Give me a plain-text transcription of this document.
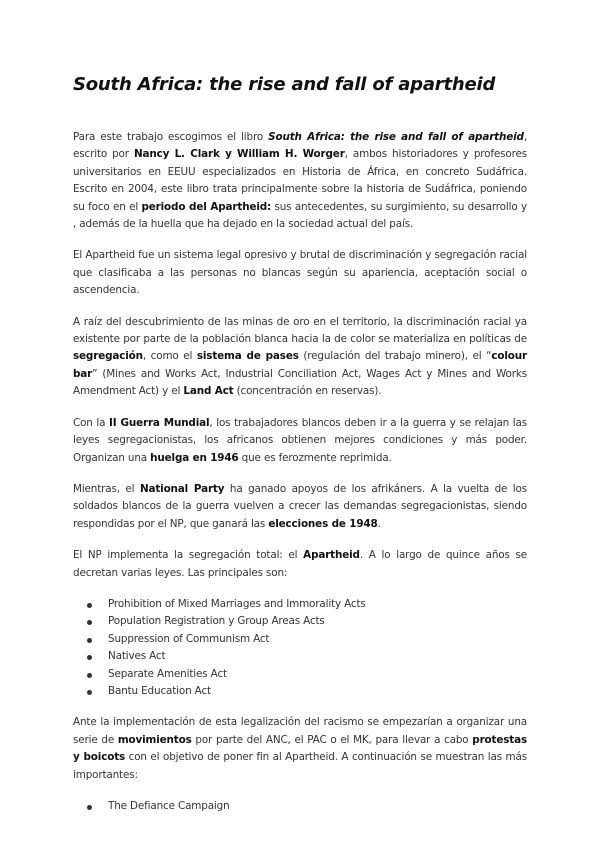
South Africa: the rise and fall of apartheid

Para este trabajo escogimos el libro South Africa: the rise and fall of apartheid, escrito por Nancy L. Clark y William H. Worger, ambos historiadores y profesores universitarios en EEUU especializados en Historia de África, en concreto Sudáfrica. Escrito en 2004, este libro trata principalmente sobre la historia de Sudáfrica, poniendo su foco en el periodo del Apartheid: sus antecedentes, su surgimiento, su desarrollo y , además de la huella que ha dejado en la sociedad actual del país.

El Apartheid fue un sistema legal opresivo y brutal de discriminación y segregación racial que clasificaba a las personas no blancas según su apariencia, aceptación social o ascendencia.

A raíz del descubrimiento de las minas de oro en el territorio, la discriminación racial ya existente por parte de la población blanca hacia la de color se materializa en políticas de segregación, como el sistema de pases (regulación del trabajo minero), el “colour bar” (Mines and Works Act, Industrial Conciliation Act, Wages Act y Mines and Works Amendment Act) y el Land Act (concentración en reservas).

Con la II Guerra Mundial, los trabajadores blancos deben ir a la guerra y se relajan las leyes segregacionistas, los africanos obtienen mejores condiciones y más poder. Organizan una huelga en 1946 que es ferozmente reprimida.

Mientras, el National Party ha ganado apoyos de los afrikáners. A la vuelta de los soldados blancos de la guerra vuelven a crecer las demandas segregacionistas, siendo respondidas por el NP, que ganará las elecciones de 1948.

El NP implementa la segregación total: el Apartheid. A lo largo de quince años se decretan varias leyes. Las principales son:

Prohibition of Mixed Marriages and Immorality Acts
Population Registration y Group Areas Acts
Suppression of Communism Act
Natives Act
Separate Amenities Act
Bantu Education Act

Ante la implementación de esta legalización del racismo se empezarían a organizar una serie de movimientos por parte del ANC, el PAC o el MK, para llevar a cabo protestas y boicots con el objetivo de poner fin al Apartheid. A continuación se muestran las más importantes:

The Defiance Campaign
